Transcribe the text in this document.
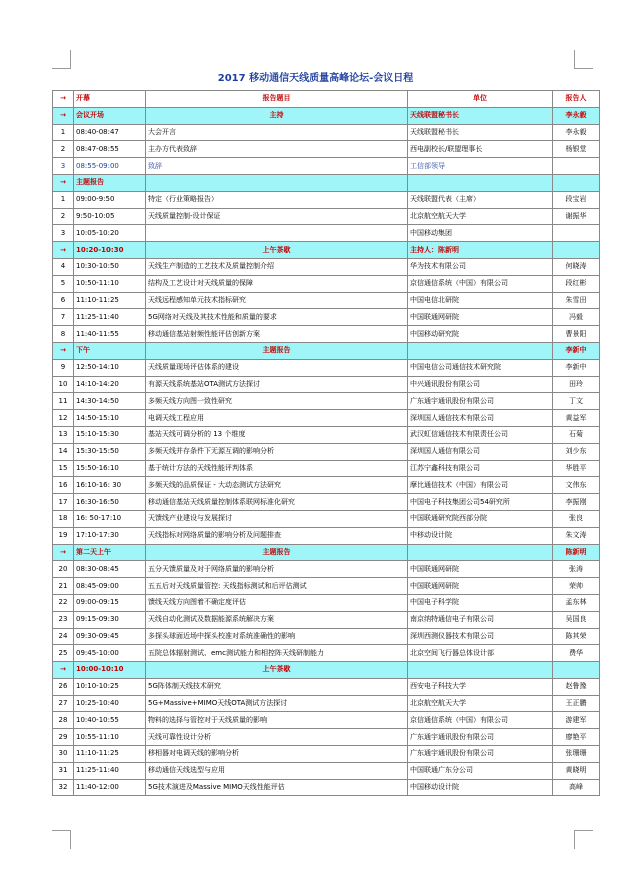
2017 移动通信天线质量高峰论坛-会议日程
→	开幕	报告题目	单位	报告人
→	会议开场	主持	天线联盟秘书长	李永毅
1	08:40-08:47	大会开言	天线联盟秘书长	李永毅
2	08:47-08:55	主办方代表致辞	西电副校长/联盟理事长	杨银堂
3	08:55-09:00	致辞	工信部领导	
→	主题报告			
1	09:00-9:50	特定（行业策略报告）	天线联盟代表（主席）	段宝岩
2	9:50-10:05	天线质量控制-设计保证	北京航空航天大学	谢振华
3	10:05-10:20		中国移动集团	
→	10:20-10:30	上午茶歇	主持人：陈新明	
4	10:30-10:50	天线生产制造的工艺技术及质量控制介绍	华为技术有限公司	何晓涛
5	10:50-11:10	结构及工艺设计对天线质量的保障	京信通信系统（中国）有限公司	段红彬
6	11:10-11:25	天线远程感知单元技术指标研究	中国电信北研院	朱雪田
7	11:25-11:40	5G网络对天线及其技术性能和质量的要求	中国联通网研院	冯毅
8	11:40-11:55	移动通信基站射频性能评估创新方案	中国移动研究院	曹景阳
→	下午	主题报告		李新中
9	12:50-14:10	天线质量现场评估体系的建设	中国电信公司通信技术研究院	李新中
10	14:10-14:20	有源天线系统基站OTA测试方法探讨	中兴通讯股份有限公司	田玲
11	14:30-14:50	多频天线方向图一致性研究	广东通宇通讯股份有限公司	丁文
12	14:50-15:10	电调天线工程应用	深圳国人通信技术有限公司	黄益军
13	15:10-15:30	基站天线可调分析的 13 个维度	武汉虹信通信技术有限责任公司	石菊
14	15:30-15:50	多频天线并存条件下无源互调的影响分析	深圳国人通信有限公司	刘少东
15	15:50-16:10	基于统计方法的天线性能评判体系	江苏宁鑫科技有限公司	华胜平
16	16:10-16: 30	多频天线的品质保证 - 大动态测试方法研究	摩比通信技术（中国）有限公司	文伟东
17	16:30-16:50	移动通信基站天线质量控制体系联网标准化研究	中国电子科技集团公司54研究所	李振刚
18	16: 50-17:10	天馈线产业建设与发展探讨	中国联通研究院西部分院	张良
19	17:10-17:30	天线指标对网络质量的影响分析及问题排查	中移动设计院	朱文涛
→	第二天上午	主题报告		陈新明
20	08:30-08:45	五分天馈质量及对于网络质量的影响分析	中国联通网研院	张涛
21	08:45-09:00	五五后对天线质量管控: 天线指标测试和后评估测试	中国联通网研院	荣帅
22	09:00-09:15	馈线天线方向图着不确定度评估	中国电子科学院	孟东林
23	09:15-09:30	天线自动化测试及数据能源系统解决方案	南京纳特通信电子有限公司	吴国良
24	09:30-09:45	多探头球面近场中探头校准对系统准确性的影响	深圳西测仪器技术有限公司	陈其荣
25	09:45-10:00	五院总体辐射测试、emc测试能力和相控阵天线研制能力	北京空间飞行器总体设计部	费华
→	10:00-10:10	上午茶歇		
26	10:10-10:25	5G阵体制天线技术研究	西安电子科技大学	赵鲁豫
27	10:25-10:40	5G+Massive+MIMO天线OTA测试方法探讨	北京航空航天大学	王正鹏
28	10:40-10:55	物料的选择与管控对于天线质量的影响	京信通信系统（中国）有限公司	游建军
29	10:55-11:10	天线可靠性设计分析	广东通宇通讯股份有限公司	廖艳平
30	11:10-11:25	移相器对电调天线的影响分析	广东通宇通讯股份有限公司	张珊珊
31	11:25-11:40	移动通信天线选型与应用	中国联通广东分公司	黄晓明
32	11:40-12:00	5G技术演进及Massive MIMO天线性能评估	中国移动设计院	高峰
